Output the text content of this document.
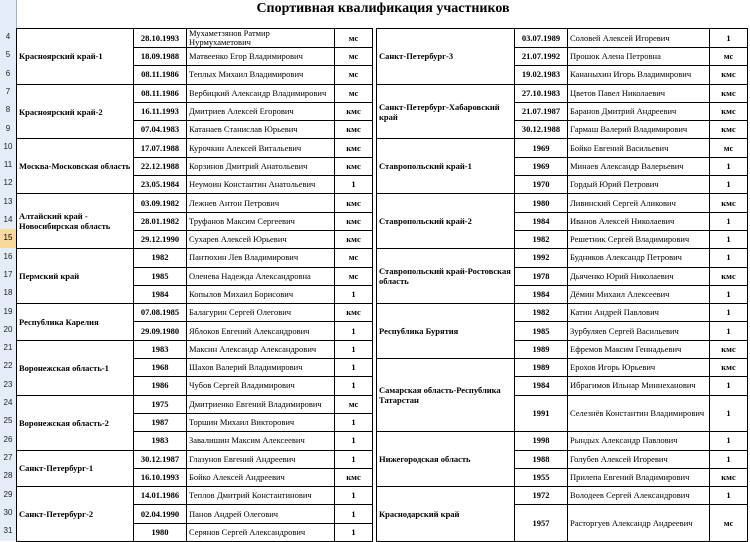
4
5
6
7
8
9
10
11
12
13
14
15
16
17
18
19
20
21
22
23
24
25
26
27
28
29
30
31
Спортивная квалификация участников
Красноярский край-1	28.10.1993	Мухаметзянов Ратмир Нурмухаметович	мс		Санкт-Петербург-3	03.07.1989	Соловей Алексей Игоревич	1
	18.09.1988	Матвеенко Егор Владимирович	мс			21.07.1992	Прошок Алена Петровна	мс
	08.11.1986	Теплых Михаил Владимирович	мс			19.02.1983	Кананыхин Игорь Владимирович	кмс
Красноярский край-2	08.11.1986	Вербицкий Александр Владимирович	мс		Санкт-Петербург-Хабаровский край	27.10.1983	Цветов Павел Николаевич	кмс
	16.11.1993	Дмитриев Алексей Егорович	кмс			21.07.1987	Баранов Дмитрий Андреевич	кмс
	07.04.1983	Катанаев Станислав Юрьевич	кмс			30.12.1988	Гармаш Валерий Владимирович	кмс
Москва-Московская область	17.07.1988	Курочкин Алексей Витальевич	кмс		Ставропольский край-1	1969	Бойко Евгений Васильевич	мс
	22.12.1988	Корзинов Дмитрий Анатольевич	кмс			1969	Минаев Александр Валерьевич	1
	23.05.1984	Неумоин Константин Анатольевич	1			1970	Гордый Юрий Петрович	1
Алтайский край - Новосибирская область	03.09.1982	Лежнев Антон Петрович	кмс		Ставропольский край-2	1980	Ливинский Сергей Аликович	кмс
	28.01.1982	Труфанов Максим Сергеевич	кмс			1984	Иванов Алексей Николаевич	1
	29.12.1990	Сухарев Алексей Юрьевич	кмс			1982	Решетник Сергей Владимирович	1
Пермский край	1982	Пантюхин Лев Владимирович	мс		Ставропольский край-Ростовская область	1992	Будников Александр Петрович	1
	1985	Оленева Надежда Александровна	мс			1978	Дьяченко Юрий Николаевич	кмс
	1984	Копылов Михаил Борисович	1			1984	Дёмин Михаил Алексеевич	1
Республика Карелия	07.08.1985	Балагурин Сергей Олегович	кмс		Республика Бурятия	1982	Катин Андрей Павлович	1
	29.09.1980	Яблоков Евгений Александрович	1			1985	Зурбуляев Сергей Васильевич	1
Воронежская область-1	1983	Максин Александр Александрович	1			1989	Ефремов Максим Геннадьевич	кмс
	1968	Шахов Валерий Владимирович	1		Самарская область-Республика Татарстан	1989	Ерохов Игорь Юрьевич	кмс
	1986	Чубов Сергей Владимирович	1			1984	Ибрагимов Ильнар Миннеханович	1
Воронежская область-2	1975	Дмитриенко Евгений Владимирович	мс			1991	Селезнёв Константин Владимирович	1
	1987	Торшин Михаил Викторович	1					
	1983	Завалишин Максим Алексеевич	1		Нижегородская область	1998	Рындых Александр Павлович	1
Санкт-Петербург-1	30.12.1987	Глазунов Евгений Андреевич	1			1988	Голубев Алексей Игоревич	1
	16.10.1993	Бойко Алексей Андреевич	кмс			1955	Прилепа Евгений Владимирович	кмс
Санкт-Петербург-2	14.01.1986	Теплов Дмитрий Константинович	1		Краснодарский край	1972	Володеев Сергей Александрович	1
	02.04.1990	Панов Андрей Олегович	1			1957	Расторгуев Александр Андреевич	мс
	1980	Серянов Сергей Александрович	1					
